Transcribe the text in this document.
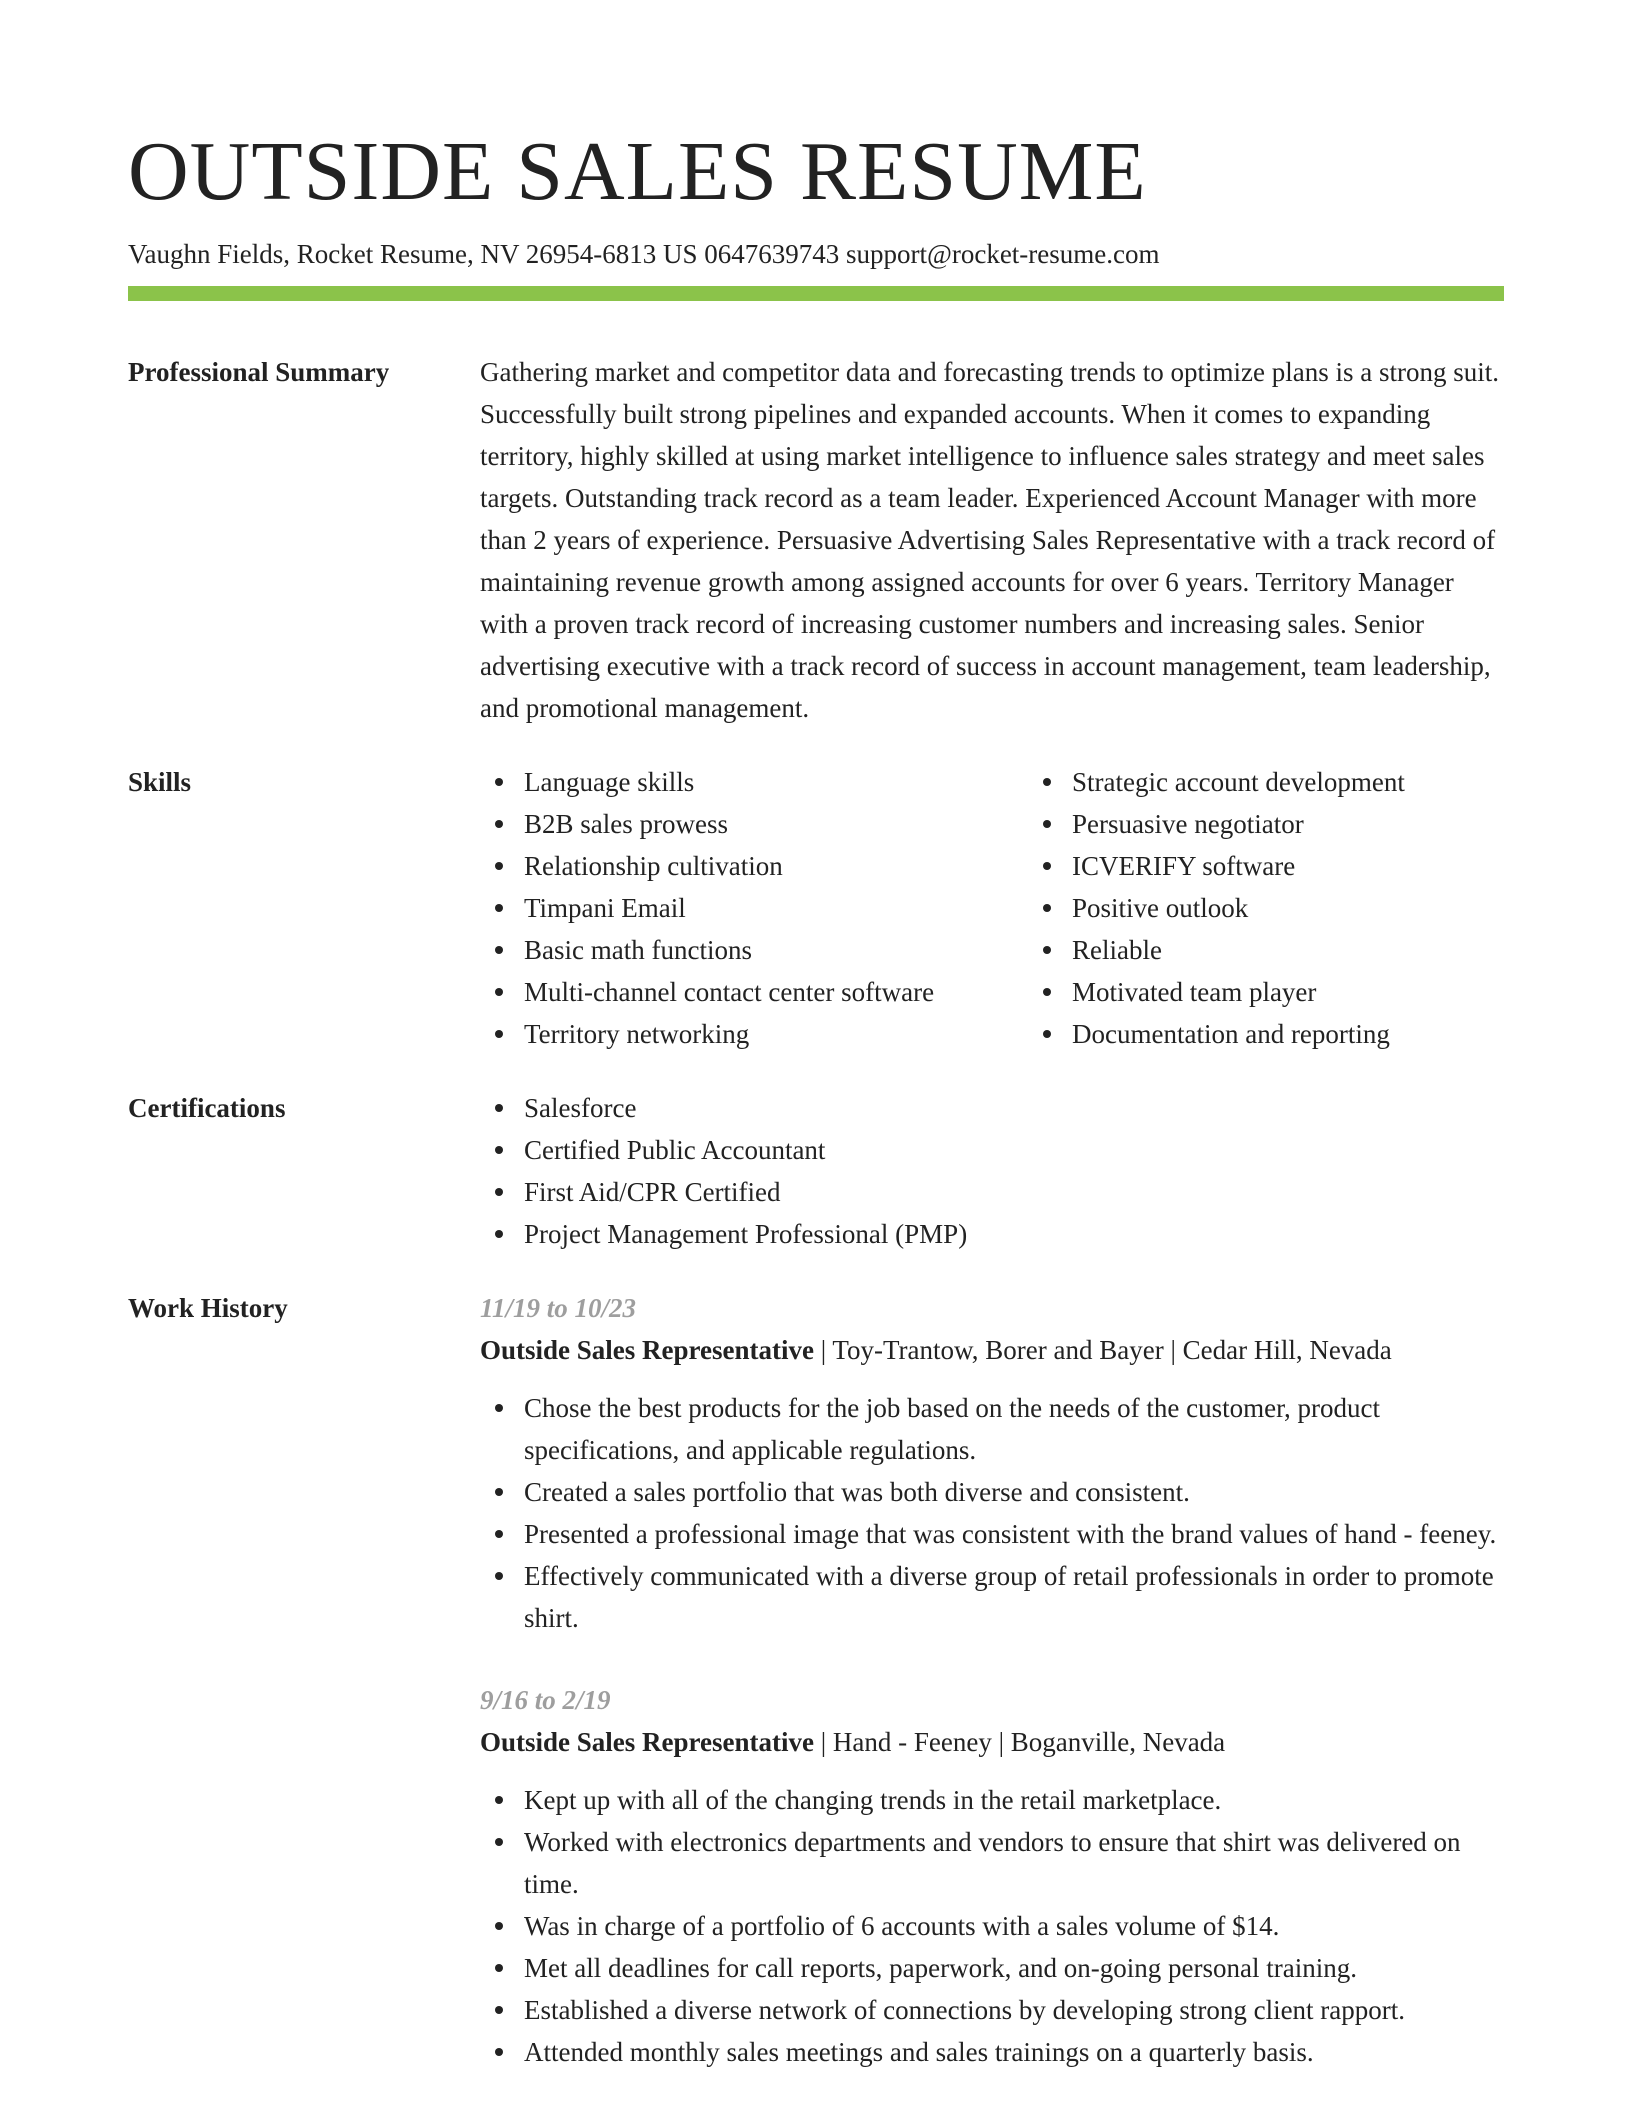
OUTSIDE SALES RESUME
Vaughn Fields, Rocket Resume, NV 26954-6813 US 0647639743 support@rocket-resume.com
Professional Summary	Gathering market and competitor data and forecasting trends to optimize plans is a strong suit. Successfully built strong pipelines and expanded accounts. When it comes to expanding territory, highly skilled at using market intelligence to influence sales strategy and meet sales targets. Outstanding track record as a team leader. Experienced Account Manager with more than 2 years of experience. Persuasive Advertising Sales Representative with a track record of maintaining revenue growth among assigned accounts for over 6 years. Territory Manager with a proven track record of increasing customer numbers and increasing sales. Senior advertising executive with a track record of success in account management, team leadership, and promotional management.
Skills	Language skills
B2B sales prowess
Relationship cultivation
Timpani Email
Basic math functions
Multi-channel contact center software
Territory networking
Strategic account development
Persuasive negotiator
ICVERIFY software
Positive outlook
Reliable
Motivated team player
Documentation and reporting
Certifications	Salesforce
Certified Public Accountant
First Aid/CPR Certified
Project Management Professional (PMP)
Work History	11/19 to 10/23
Outside Sales Representative | Toy-Trantow, Borer and Bayer | Cedar Hill, Nevada
Chose the best products for the job based on the needs of the customer, product specifications, and applicable regulations.
Created a sales portfolio that was both diverse and consistent.
Presented a professional image that was consistent with the brand values of hand - feeney.
Effectively communicated with a diverse group of retail professionals in order to promote shirt.
9/16 to 2/19
Outside Sales Representative | Hand - Feeney | Boganville, Nevada
Kept up with all of the changing trends in the retail marketplace.
Worked with electronics departments and vendors to ensure that shirt was delivered on time.
Was in charge of a portfolio of 6 accounts with a sales volume of $14.
Met all deadlines for call reports, paperwork, and on-going personal training.
Established a diverse network of connections by developing strong client rapport.
Attended monthly sales meetings and sales trainings on a quarterly basis.
